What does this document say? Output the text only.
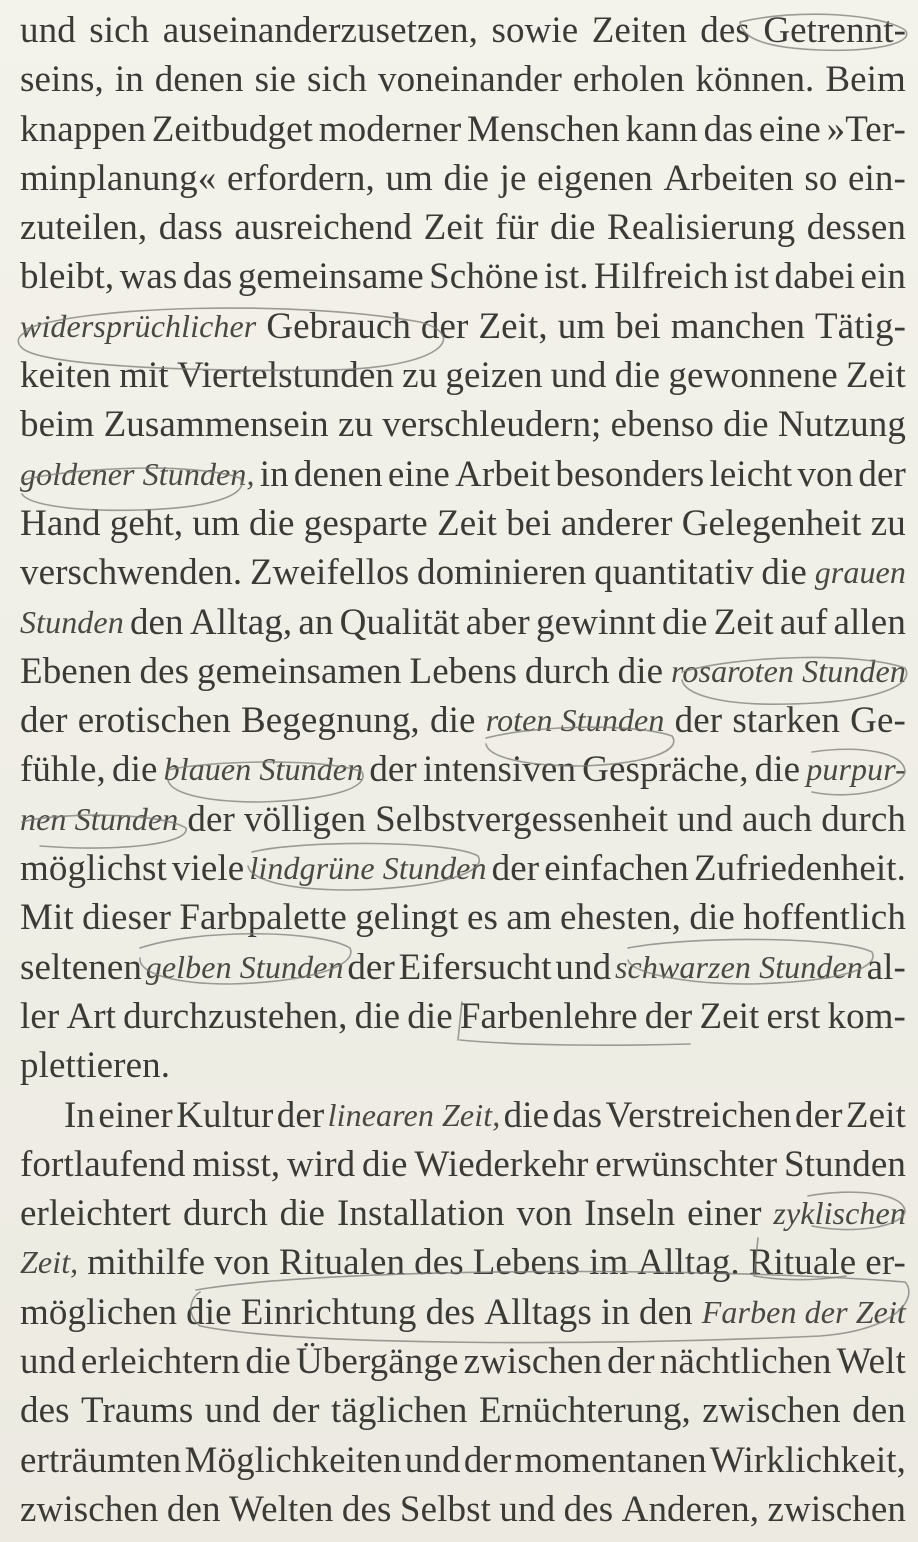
und sich auseinanderzusetzen, sowie Zeiten des Getrennt-
seins, in denen sie sich voneinander erholen können. Beim
knappen Zeitbudget moderner Menschen kann das eine »Ter-
minplanung« erfordern, um die je eigenen Arbeiten so ein-
zuteilen, dass ausreichend Zeit für die Realisierung dessen
bleibt, was das gemeinsame Schöne ist. Hilfreich ist dabei ein
widersprüchlicher Gebrauch der Zeit, um bei manchen Tätig-
keiten mit Viertelstunden zu geizen und die gewonnene Zeit
beim Zusammensein zu verschleudern; ebenso die Nutzung
goldener Stunden, in denen eine Arbeit besonders leicht von der
Hand geht, um die gesparte Zeit bei anderer Gelegenheit zu
verschwenden. Zweifellos dominieren quantitativ die grauen
Stunden den Alltag, an Qualität aber gewinnt die Zeit auf allen
Ebenen des gemeinsamen Lebens durch die rosaroten Stunden
der erotischen Begegnung, die roten Stunden der starken Ge-
fühle, die blauen Stunden der intensiven Gespräche, die purpur-
nen Stunden der völligen Selbstvergessenheit und auch durch
möglichst viele lindgrüne Stunden der einfachen Zufriedenheit.
Mit dieser Farbpalette gelingt es am ehesten, die hoffentlich
seltenen gelben Stunden der Eifersucht und schwarzen Stunden al-
ler Art durchzustehen, die die Farbenlehre der Zeit erst kom-
plettieren.
In einer Kultur der linearen Zeit, die das Verstreichen der Zeit
fortlaufend misst, wird die Wiederkehr erwünschter Stunden
erleichtert durch die Installation von Inseln einer zyklischen
Zeit, mithilfe von Ritualen des Lebens im Alltag. Rituale er-
möglichen die Einrichtung des Alltags in den Farben der Zeit
und erleichtern die Übergänge zwischen der nächtlichen Welt
des Traums und der täglichen Ernüchterung, zwischen den
erträumten Möglichkeiten und der momentanen Wirklichkeit,
zwischen den Welten des Selbst und des Anderen, zwischen
